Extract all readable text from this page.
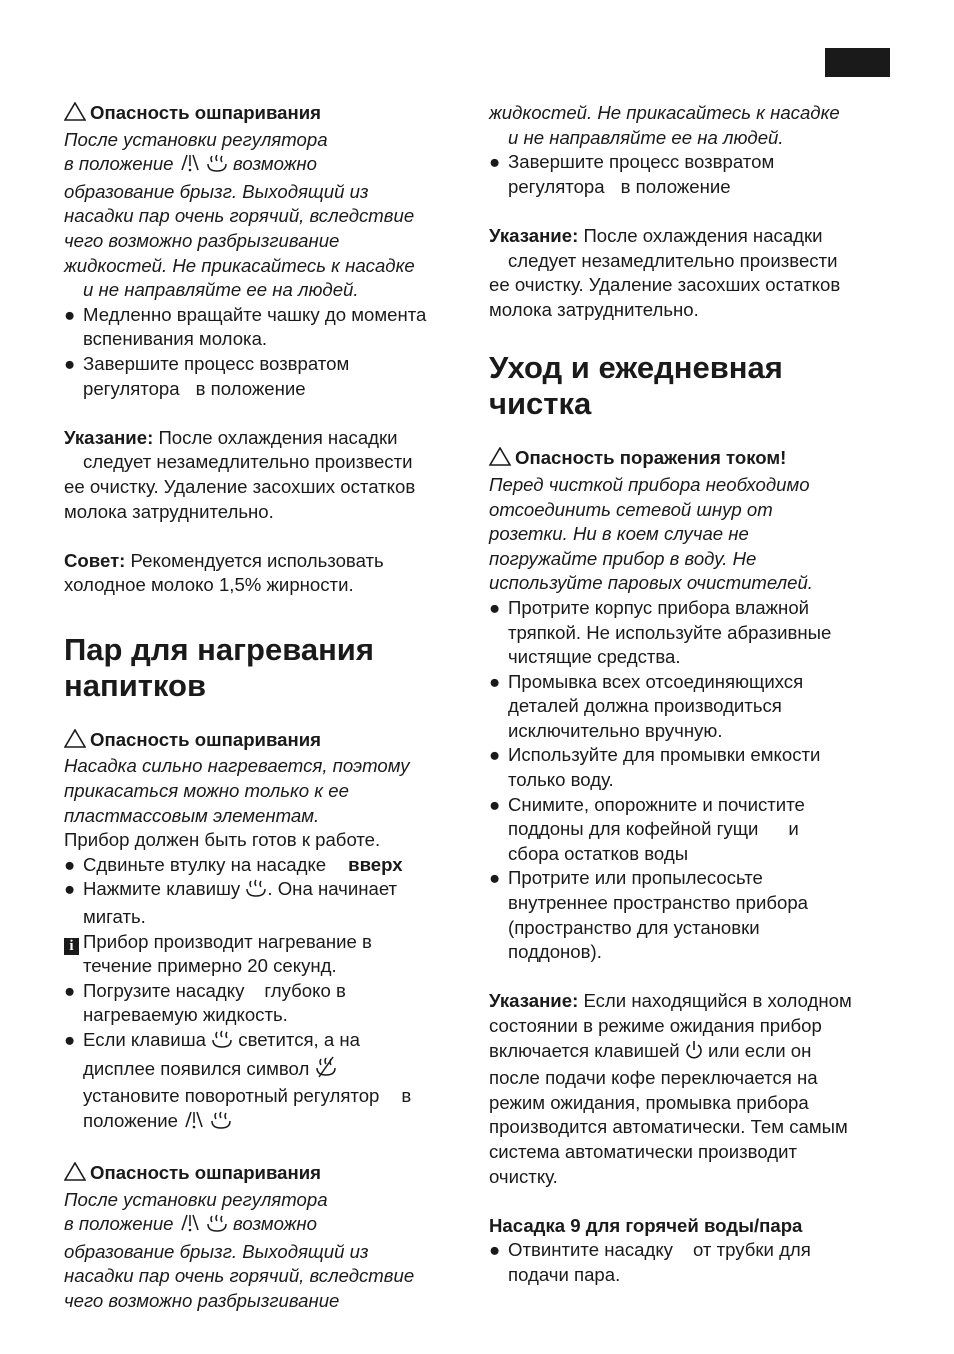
Опасность ошпаривания

После установки регулятора

в положение	возможно

образование брызг. Выходящий из

насадки пар очень горячий, вследствие

чего возможно разбрызгивание

жидкостей. Не прикасайтесь к насадке

и не направляйте ее на людей.

● Медленно вращайте чашку до момента

вспенивания молока.

● Завершите процесс возвратом

регулятора в положение

Указание: После охлаждения насадки

следует незамедлительно произвести

ее очистку. Удаление засохших остатков

молока затруднительно.

Совет: Рекомендуется использовать

холодное молоко 1,5% жирности.

Пар для нагревания

напитков

Опасность ошпаривания

Насадка сильно нагревается, поэтому

прикасаться можно только к ее

пластмассовым элементам.

Прибор должен быть готов к работе.

● Сдвиньте втулку на насадке вверх

● Нажмите клавишу . Она начинает

мигать.

i Прибор производит нагревание в

течение примерно 20 секунд.

● Погрузите насадку глубоко в

нагреваемую жидкость.

● Если клавиша светится, а на

дисплее появился символ

установите поворотный регулятор в

положение

Опасность ошпаривания

После установки регулятора

в положение	возможно

образование брызг. Выходящий из

насадки пар очень горячий, вследствие

чего возможно разбрызгивание

жидкостей. Не прикасайтесь к насадке

и не направляйте ее на людей.

● Завершите процесс возвратом

регулятора в положение

Указание: После охлаждения насадки

следует незамедлительно произвести

ее очистку. Удаление засохших остатков

молока затруднительно.

Уход и ежедневная

чистка

Опасность поражения током!

Перед чисткой прибора необходимо

отсоединить сетевой шнур от

розетки. Ни в коем случае не

погружайте прибор в воду. Не

используйте паровых очистителей.

● Протрите корпус прибора влажной

тряпкой. Не используйте абразивные

чистящие средства.

● Промывка всех отсоединяющихся

деталей должна производиться

исключительно вручную.

● Используйте для промывки емкости

только воду.

● Снимите, опорожните и почистите

поддоны для кофейной гущи и

сбора остатков воды

● Протрите или пропылесосьте

внутреннее пространство прибора

(пространство для установки

поддонов).

Указание: Если находящийся в холодном

состоянии в режиме ожидания прибор

включается клавишей или если он

после подачи кофе переключается на

режим ожидания, промывка прибора

производится автоматически. Тем самым

система автоматически производит

очистку.

Насадка 9 для горячей воды/пара

● Отвинтите насадку от трубки для

подачи пара.
